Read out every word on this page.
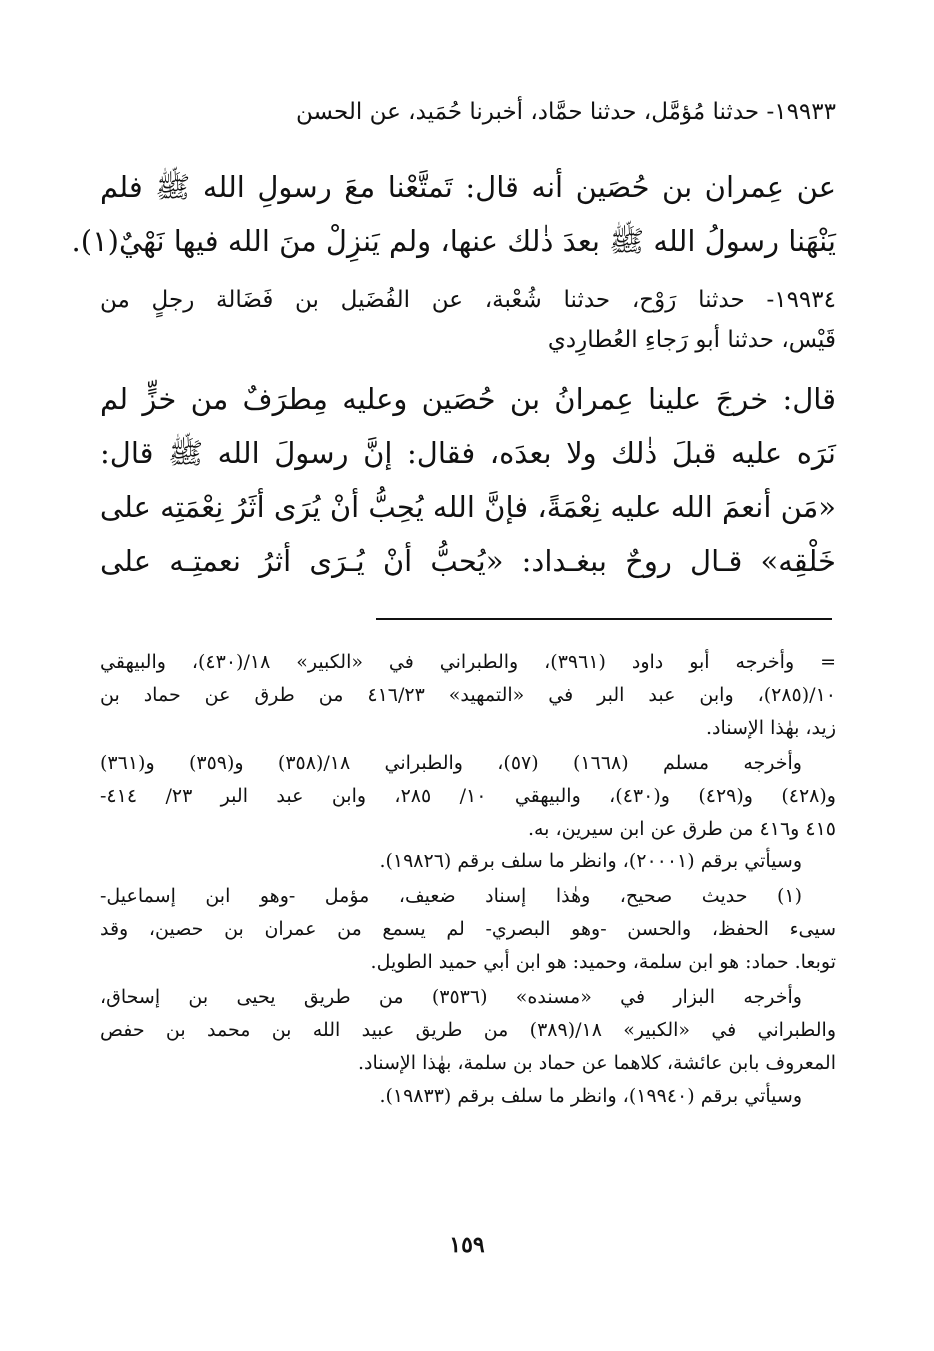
١٩٩٣٣- حدثنا مُؤمَّل، حدثنا حمَّاد، أخبرنا حُمَيد، عن الحسن
عن عِمران بن حُصَين أنه قال: تَمتَّعْنا معَ رسولِ الله ﷺ فلم
يَنْهَنا رسولُ الله ﷺ بعدَ ذٰلك عنها، ولم يَنزِلْ منَ الله فيها نَهْيٌ(١).
١٩٩٣٤- حدثنا رَوْح، حدثنا شُعْبة، عن الفُضَيل بن فَضَالة رجلٍ من
قَيْس، حدثنا أبو رَجاءِ العُطارِدي
قال: خرجَ علينا عِمرانُ بن حُصَين وعليه مِطرَفٌ من خزٍّ لم
نَرَه عليه قبلَ ذٰلك ولا بعدَه، فقال: إنَّ رسولَ الله ﷺ قال:
«مَن أنعمَ الله عليه نِعْمَةً، فإنَّ الله يُحِبُّ أنْ يُرَى أثَرُ نِعْمَتِه على
خَلْقِه» قـال روحٌ ببغـداد: «يُحبُّ أنْ يُـرَى أثرُ نعمتِـه على
= وأخرجه أبو داود (٣٩٦١)، والطبراني في «الكبير» ١٨/(٤٣٠)، والبيهقي
١٠/(٢٨٥)، وابن عبد البر في «التمهيد» ٤١٦/٢٣ من طرق عن حماد بن
زيد، بهٰذا الإسناد.
وأخرجه مسلم (١٦٦٨) (٥٧)، والطبراني ١٨/(٣٥٨) و(٣٥٩) و(٣٦١)
و(٤٢٨) و(٤٢٩) و(٤٣٠)، والبيهقي ١٠/ ٢٨٥، وابن عبد البر ٢٣/ ٤١٤-
٤١٥ و٤١٦ من طرق عن ابن سيرين، به.
وسيأتي برقم (٢٠٠٠١)، وانظر ما سلف برقم (١٩٨٢٦).
(١) حديث صحيح، وهٰذا إسناد ضعيف، مؤمل -وهو ابن إسماعيل-
سيىء الحفظ، والحسن -وهو البصري- لم يسمع من عمران بن حصين، وقد
توبعا. حماد: هو ابن سلمة، وحميد: هو ابن أبي حميد الطويل.
وأخرجه البزار في «مسنده» (٣٥٣٦) من طريق يحيى بن إسحاق،
والطبراني في «الكبير» ١٨/(٣٨٩) من طريق عبيد الله بن محمد بن حفص
المعروف بابن عائشة، كلاهما عن حماد بن سلمة، بهٰذا الإسناد.
وسيأتي برقم (١٩٩٤٠)، وانظر ما سلف برقم (١٩٨٣٣).
١٥٩
